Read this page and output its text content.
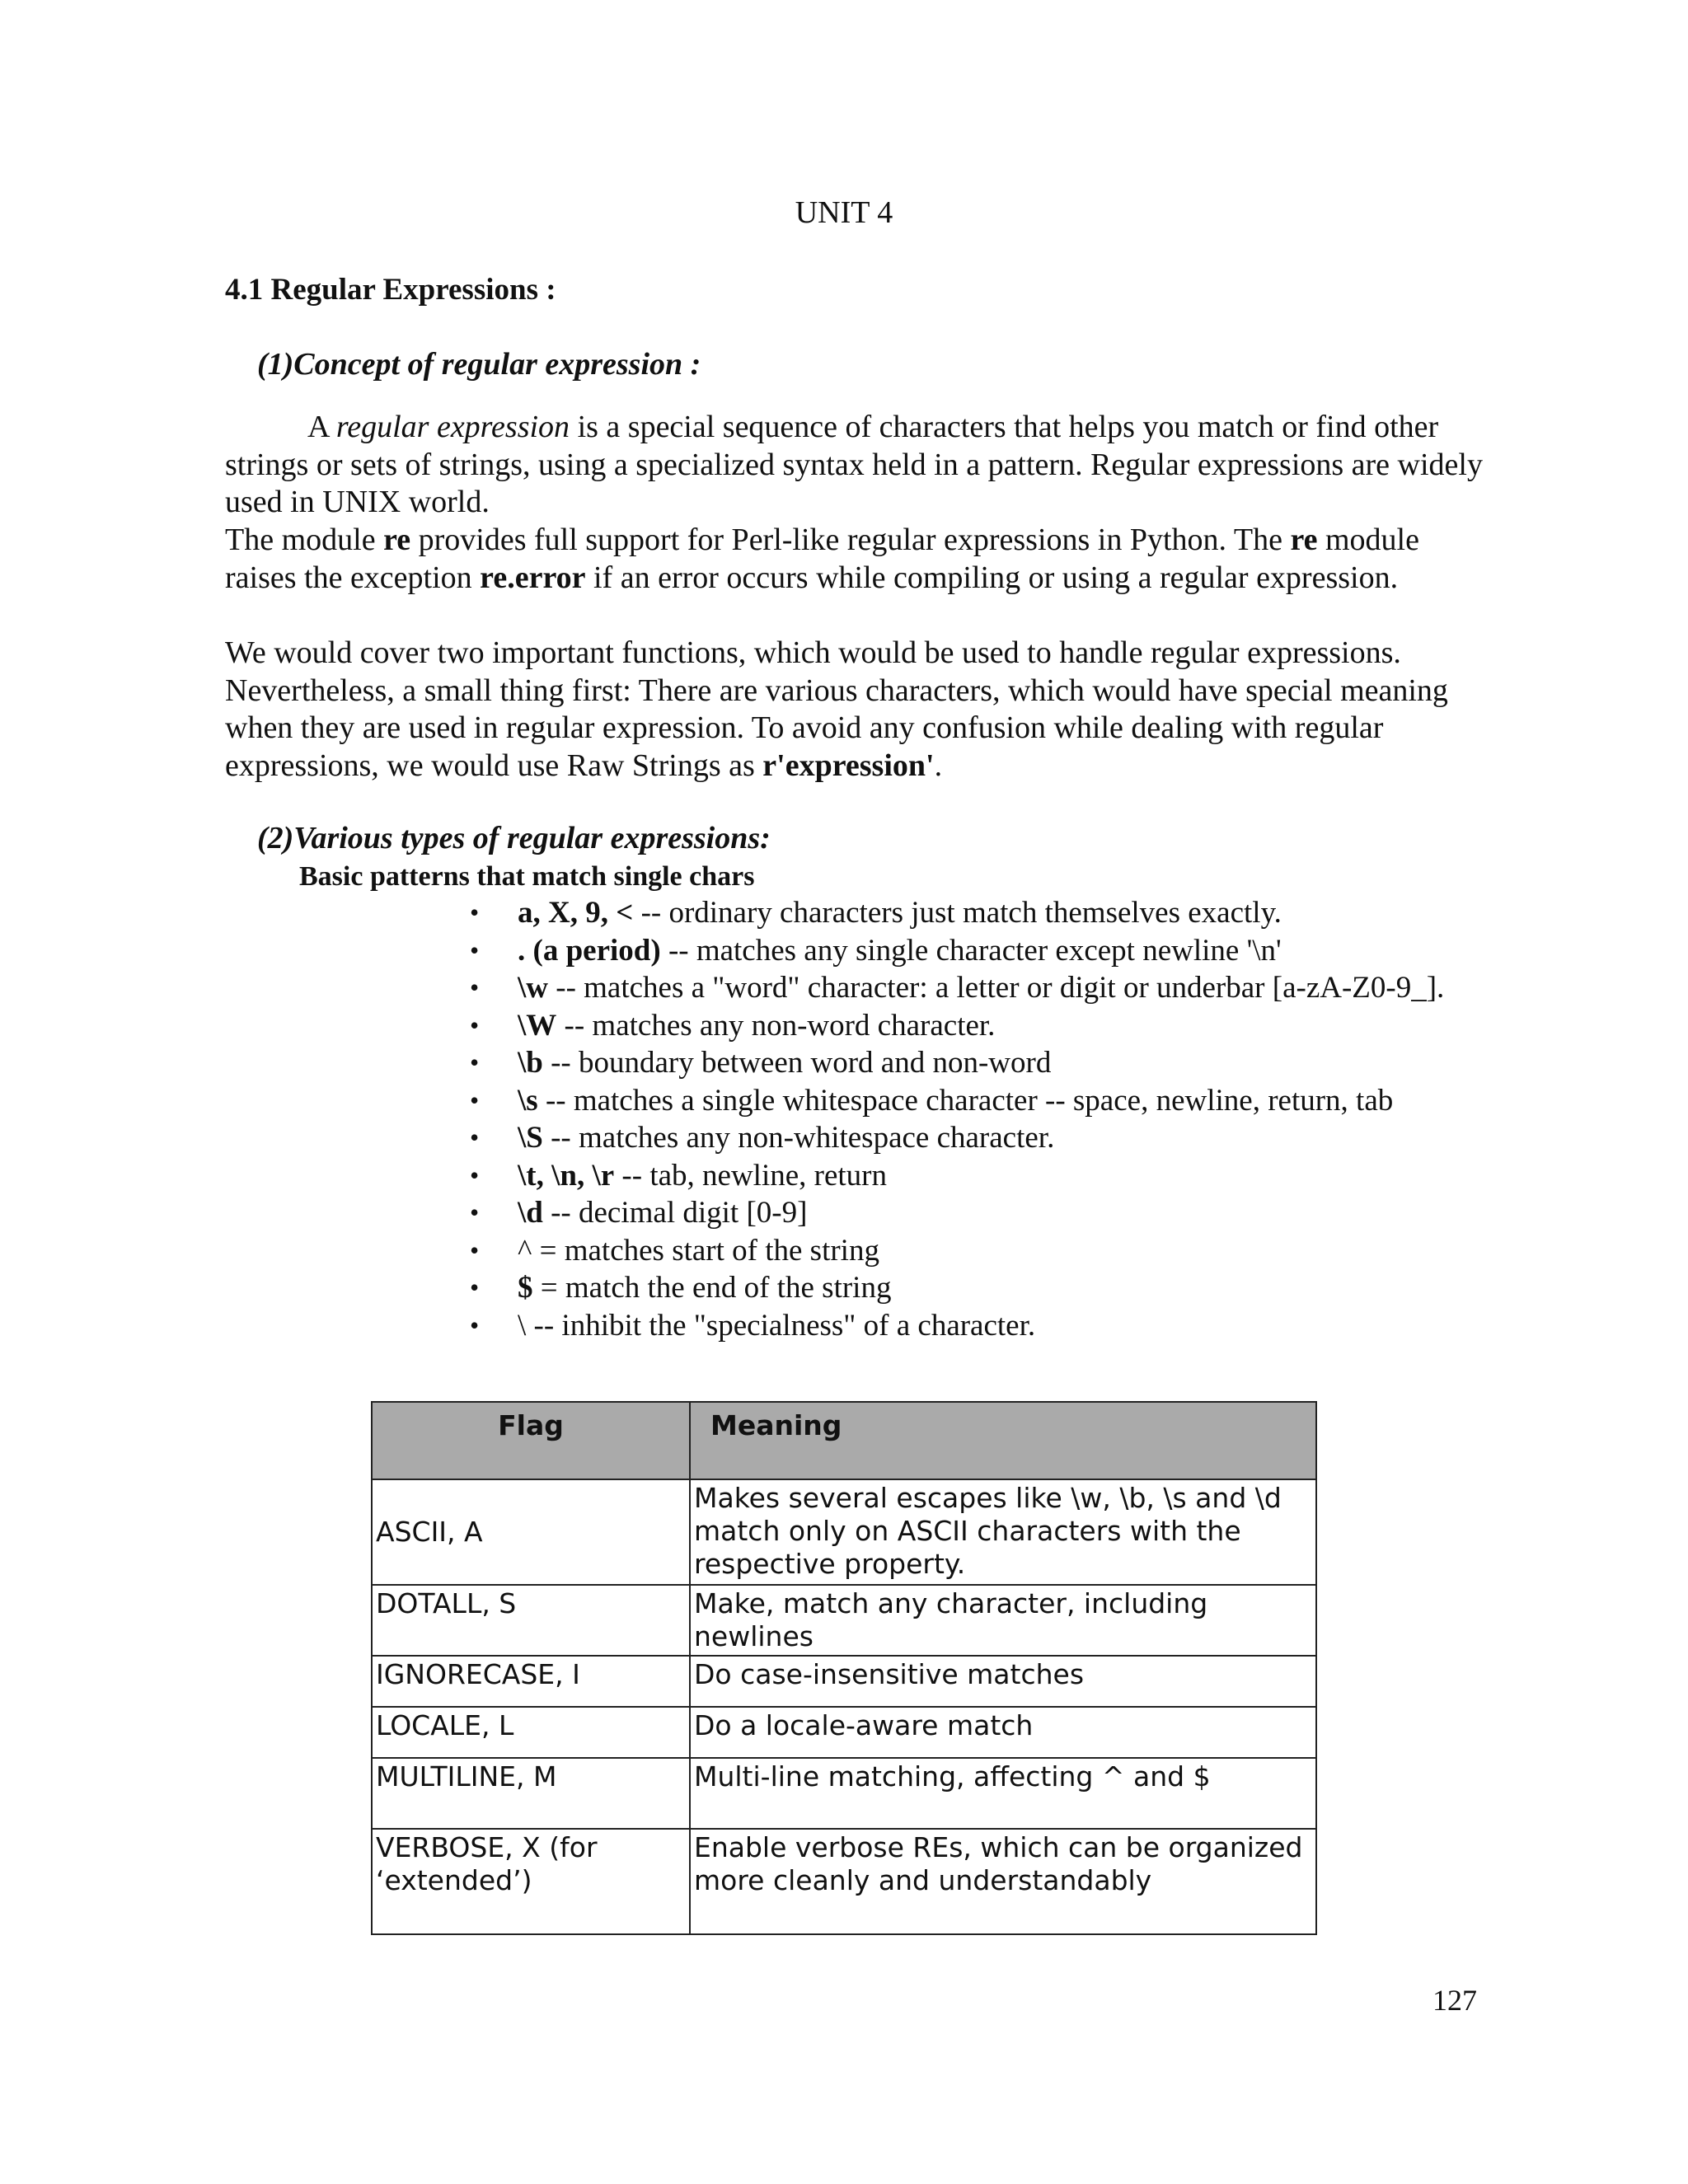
UNIT 4
4.1 Regular Expressions :
(1)Concept of regular expression :

A regular expression is a special sequence of characters that helps you match or find other strings or sets of strings, using a specialized syntax held in a pattern. Regular expressions are widely used in UNIX world.

The module re provides full support for Perl-like regular expressions in Python. The re module raises the exception re.error if an error occurs while compiling or using a regular expression.

We would cover two important functions, which would be used to handle regular expressions. Nevertheless, a small thing first: There are various characters, which would have special meaning when they are used in regular expression. To avoid any confusion while dealing with regular expressions, we would use Raw Strings as r'expression'.

(2)Various types of regular expressions:
Basic patterns that match single chars
• a, X, 9, < -- ordinary characters just match themselves exactly.
• . (a period) -- matches any single character except newline '\n'
• \w -- matches a "word" character: a letter or digit or underbar [a-zA-Z0-9_].
• \W -- matches any non-word character.
• \b -- boundary between word and non-word
• \s -- matches a single whitespace character -- space, newline, return, tab
• \S -- matches any non-whitespace character.
• \t, \n, \r -- tab, newline, return
• \d -- decimal digit [0-9]
• ^ = matches start of the string
• $ = match the end of the string
• \ -- inhibit the "specialness" of a character.
Flag	Meaning
ASCII, A	Makes several escapes like \w, \b, \s and \d match only on ASCII characters with the respective property.
DOTALL, S	Make, match any character, including newlines
IGNORECASE, I	Do case-insensitive matches
LOCALE, L	Do a locale-aware match
MULTILINE, M	Multi-line matching, affecting ^ and $
VERBOSE, X (for ‘extended’)	Enable verbose REs, which can be organized more cleanly and understandably
127
